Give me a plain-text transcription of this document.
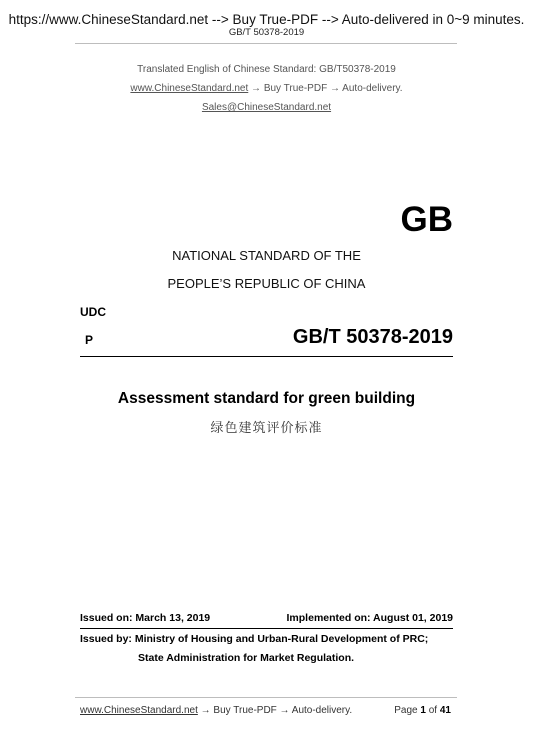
https://www.ChineseStandard.net --> Buy True-PDF --> Auto-delivered in 0~9 minutes.
GB/T 50378-2019
Translated English of Chinese Standard: GB/T50378-2019
www.ChineseStandard.net → Buy True-PDF → Auto-delivery.
Sales@ChineseStandard.net
GB
NATIONAL STANDARD OF THE
PEOPLE’S REPUBLIC OF CHINA
UDC
P	GB/T 50378-2019
Assessment standard for green building
绿色建筑评价标准
Issued on: March 13, 2019	Implemented on: August 01, 2019
Issued by: Ministry of Housing and Urban-Rural Development of PRC;
State Administration for Market Regulation.
www.ChineseStandard.net → Buy True-PDF → Auto-delivery.	Page 1 of 41
